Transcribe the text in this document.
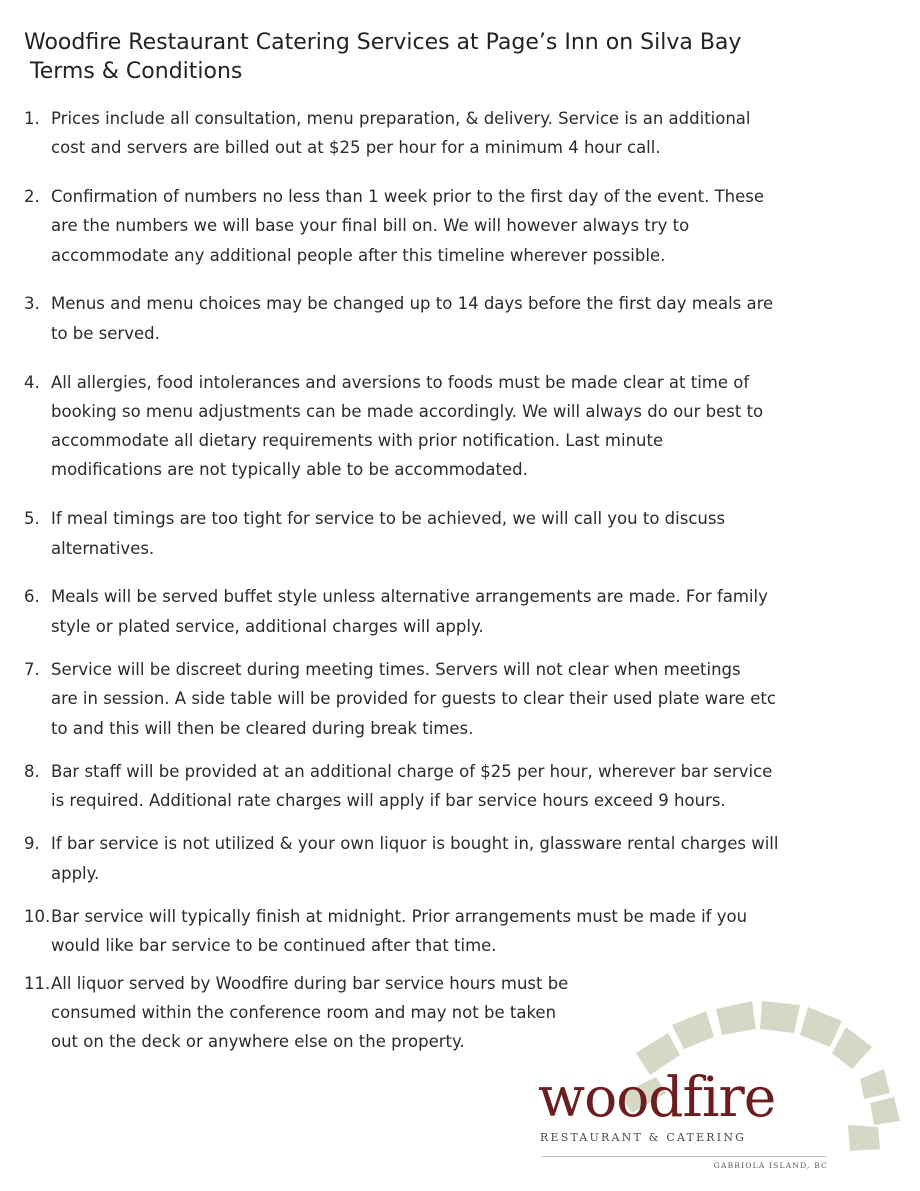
Woodfire Restaurant Catering Services at Page’s Inn on Silva Bay
Terms & Conditions
1. Prices include all consultation, menu preparation, & delivery. Service is an additional
cost and servers are billed out at $25 per hour for a minimum 4 hour call.
2. Confirmation of numbers no less than 1 week prior to the first day of the event. These
are the numbers we will base your final bill on. We will however always try to
accommodate any additional people after this timeline wherever possible.
3. Menus and menu choices may be changed up to 14 days before the first day meals are
to be served.
4. All allergies, food intolerances and aversions to foods must be made clear at time of
booking so menu adjustments can be made accordingly. We will always do our best to
accommodate all dietary requirements with prior notification. Last minute
modifications are not typically able to be accommodated.
5. If meal timings are too tight for service to be achieved, we will call you to discuss
alternatives.
6. Meals will be served buffet style unless alternative arrangements are made. For family
style or plated service, additional charges will apply.
7. Service will be discreet during meeting times. Servers will not clear when meetings
are in session. A side table will be provided for guests to clear their used plate ware etc
to and this will then be cleared during break times.
8. Bar staff will be provided at an additional charge of $25 per hour, wherever bar service
is required. Additional rate charges will apply if bar service hours exceed 9 hours.
9. If bar service is not utilized & your own liquor is bought in, glassware rental charges will
apply.
10. Bar service will typically finish at midnight. Prior arrangements must be made if you
would like bar service to be continued after that time.
11. All liquor served by Woodfire during bar service hours must be
consumed within the conference room and may not be taken
out on the deck or anywhere else on the property.
woodfire
RESTAURANT & CATERING
GABRIOLA ISLAND, BC
